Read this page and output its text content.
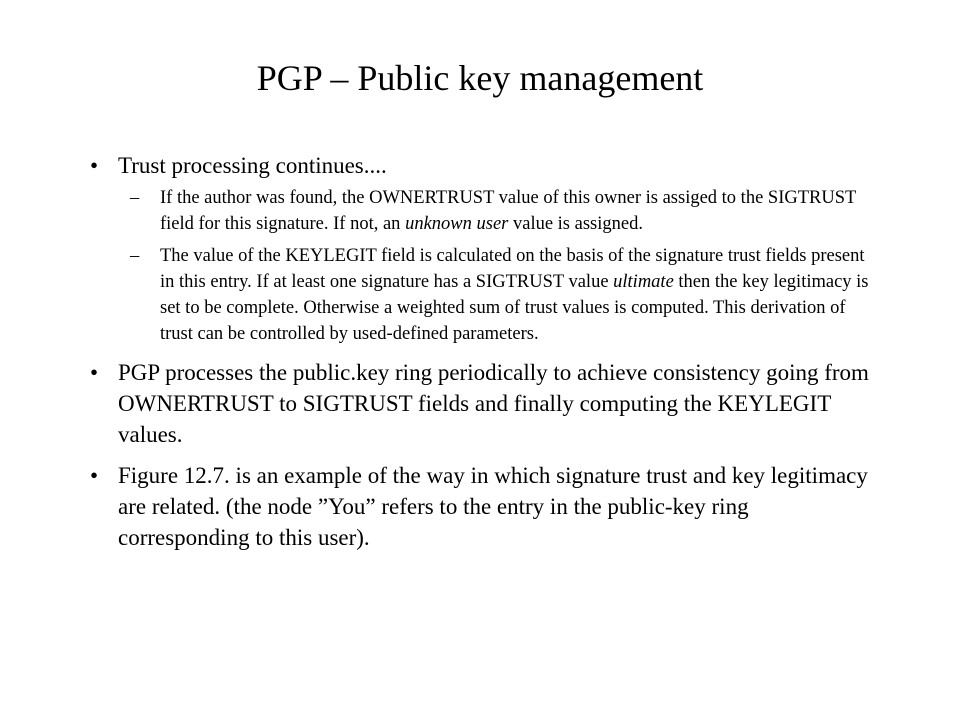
PGP – Public key management
• Trust processing continues....
– If the author was found, the OWNERTRUST value of this owner is assiged to the SIGTRUST field for this signature. If not, an unknown user value is assigned.
– The value of the KEYLEGIT field is calculated on the basis of the signature trust fields present in this entry. If at least one signature has a SIGTRUST value ultimate then the key legitimacy is set to be complete. Otherwise a weighted sum of trust values is computed. This derivation of trust can be controlled by used-defined parameters.
• PGP processes the public.key ring periodically to achieve consistency going from OWNERTRUST to SIGTRUST fields and finally computing the KEYLEGIT values.
• Figure 12.7. is an example of the way in which signature trust and key legitimacy are related. (the node ”You” refers to the entry in the public-key ring corresponding to this user).
